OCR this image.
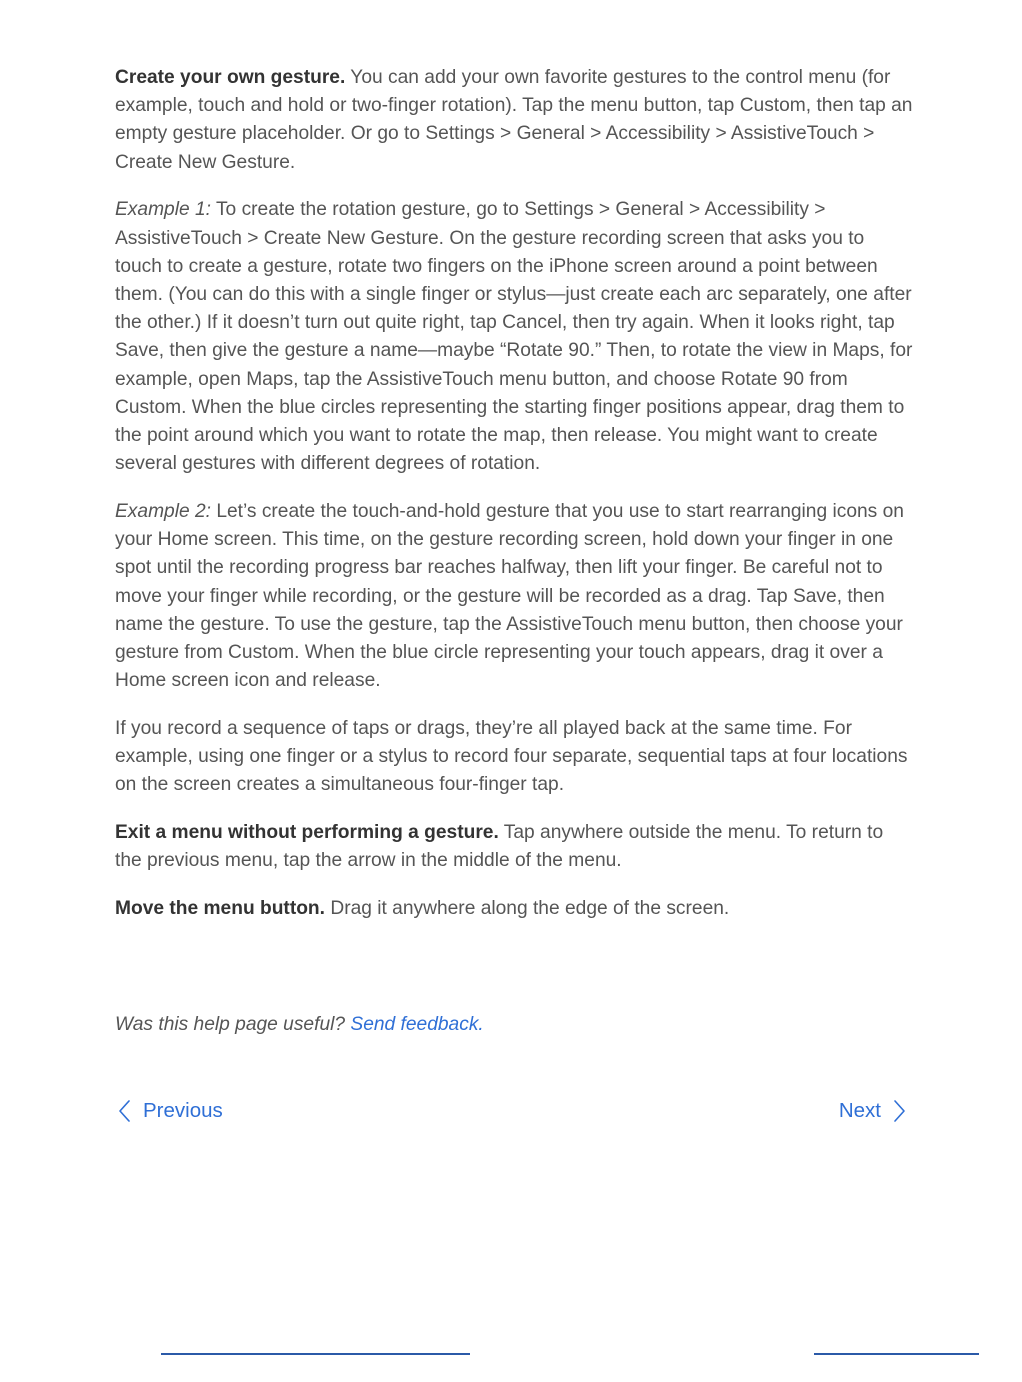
Create your own gesture. You can add your own favorite gestures to the control menu (for example, touch and hold or two-finger rotation). Tap the menu button, tap Custom, then tap an empty gesture placeholder. Or go to Settings > General > Accessibility > AssistiveTouch > Create New Gesture.

Example 1: To create the rotation gesture, go to Settings > General > Accessibility > AssistiveTouch > Create New Gesture. On the gesture recording screen that asks you to touch to create a gesture, rotate two fingers on the iPhone screen around a point between them. (You can do this with a single finger or stylus—just create each arc separately, one after the other.) If it doesn’t turn out quite right, tap Cancel, then try again. When it looks right, tap Save, then give the gesture a name—maybe “Rotate 90.” Then, to rotate the view in Maps, for example, open Maps, tap the AssistiveTouch menu button, and choose Rotate 90 from Custom. When the blue circles representing the starting finger positions appear, drag them to the point around which you want to rotate the map, then release. You might want to create several gestures with different degrees of rotation.

Example 2: Let’s create the touch-and-hold gesture that you use to start rearranging icons on your Home screen. This time, on the gesture recording screen, hold down your finger in one spot until the recording progress bar reaches halfway, then lift your finger. Be careful not to move your finger while recording, or the gesture will be recorded as a drag. Tap Save, then name the gesture. To use the gesture, tap the AssistiveTouch menu button, then choose your gesture from Custom. When the blue circle representing your touch appears, drag it over a Home screen icon and release.

If you record a sequence of taps or drags, they’re all played back at the same time. For example, using one finger or a stylus to record four separate, sequential taps at four locations on the screen creates a simultaneous four-finger tap.

Exit a menu without performing a gesture. Tap anywhere outside the menu. To return to the previous menu, tap the arrow in the middle of the menu.

Move the menu button. Drag it anywhere along the edge of the screen.

Was this help page useful? Send feedback.
Previous	Next
